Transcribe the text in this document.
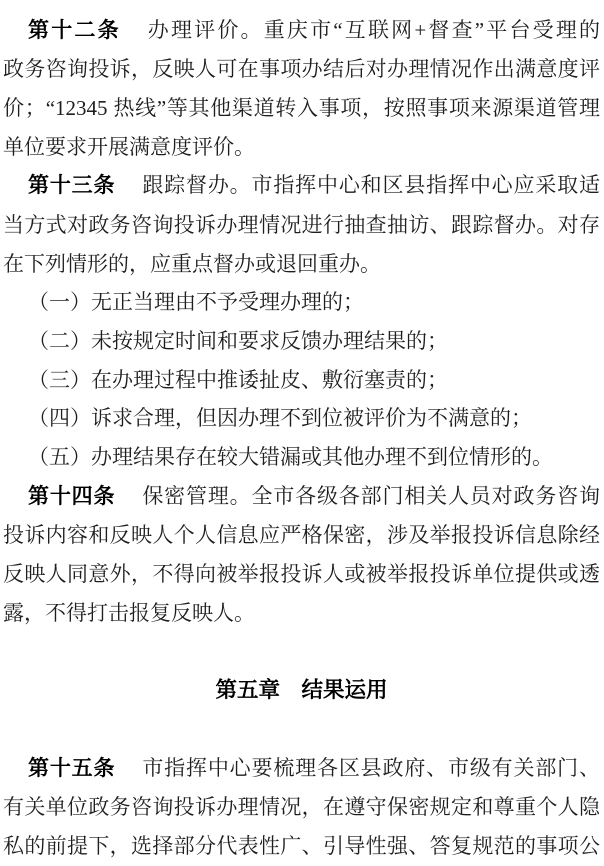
第十二条 办理评价。重庆市“互联网+督查”平台受理的
政务咨询投诉，反映人可在事项办结后对办理情况作出满意度评
价；“12345 热线”等其他渠道转入事项，按照事项来源渠道管理
单位要求开展满意度评价。
第十三条 跟踪督办。市指挥中心和区县指挥中心应采取适
当方式对政务咨询投诉办理情况进行抽查抽访、跟踪督办。对存
在下列情形的，应重点督办或退回重办。
（一）无正当理由不予受理办理的；
（二）未按规定时间和要求反馈办理结果的；
（三）在办理过程中推诿扯皮、敷衍塞责的；
（四）诉求合理，但因办理不到位被评价为不满意的；
（五）办理结果存在较大错漏或其他办理不到位情形的。
第十四条 保密管理。全市各级各部门相关人员对政务咨询
投诉内容和反映人个人信息应严格保密，涉及举报投诉信息除经
反映人同意外，不得向被举报投诉人或被举报投诉单位提供或透
露，不得打击报复反映人。
第五章　结果运用
第十五条 市指挥中心要梳理各区县政府、市级有关部门、
有关单位政务咨询投诉办理情况，在遵守保密规定和尊重个人隐
私的前提下，选择部分代表性广、引导性强、答复规范的事项公
